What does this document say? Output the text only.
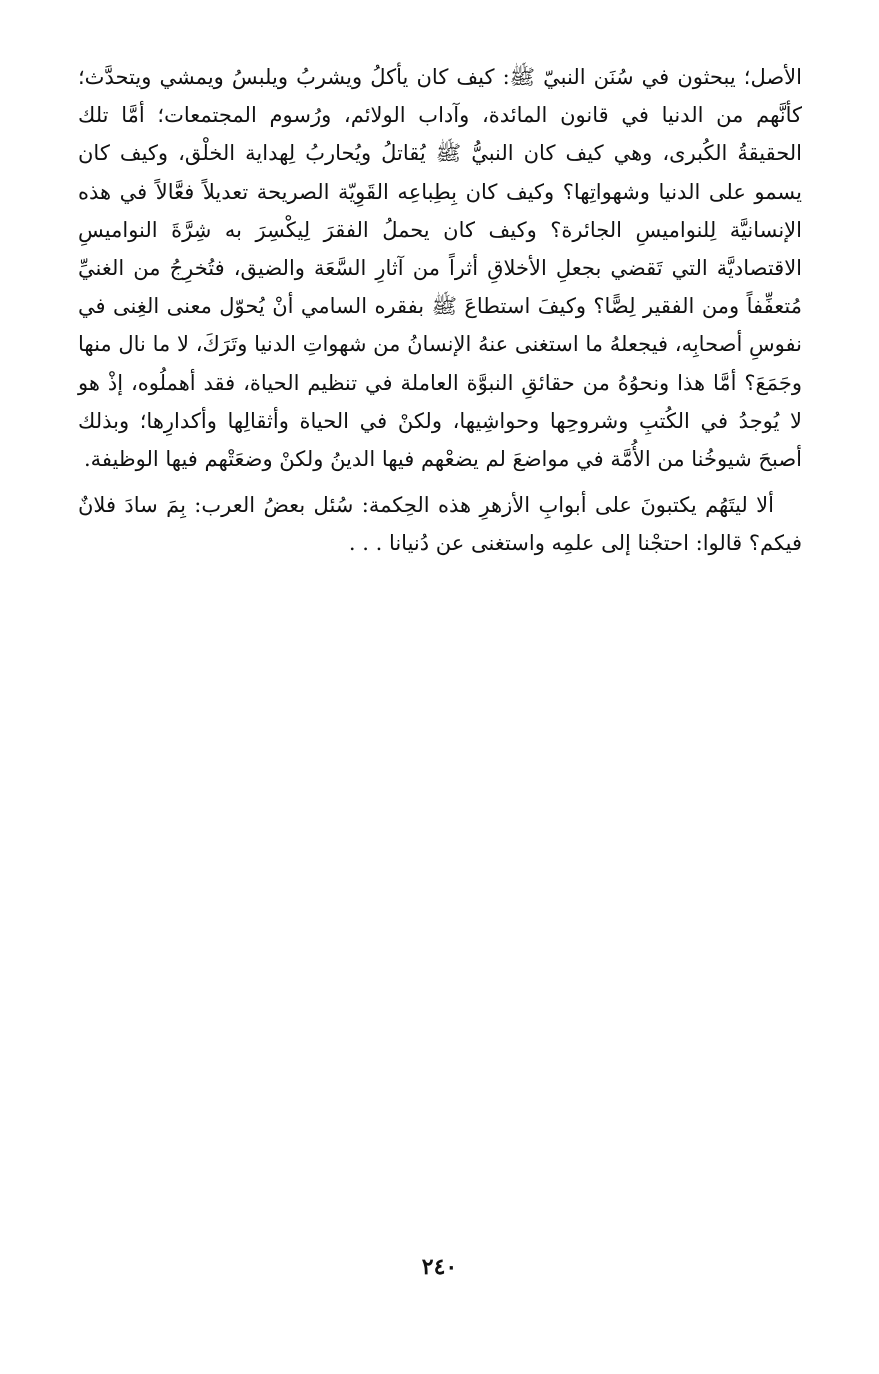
الأصل؛ يبحثون في سُنَن النبيّ ﷺ: كيف كان يأكلُ ويشربُ ويلبسُ ويمشي ويتحدَّث؛ كأنَّهم من الدنيا في قانون المائدة، وآداب الولائم، ورُسوم المجتمعات؛ أمَّا تلك الحقيقةُ الكُبرى، وهي كيف كان النبيُّ ﷺ يُقاتلُ ويُحاربُ لِهداية الخلْق، وكيف كان يسمو على الدنيا وشهواتِها؟ وكيف كان بِطِباعِه القَوِيّة الصريحة تعديلاً فعَّالاً في هذه الإنسانيَّة لِلنواميسِ الجائرة؟ وكيف كان يحملُ الفقرَ لِيكْسِرَ به شِرَّةَ النواميسِ الاقتصاديَّة التي تَقضي بجعلِ الأخلاقِ أثراً من آثارِ السَّعَة والضيق، فتُخرِجُ من الغنيِّ مُتعفِّفاً ومن الفقير لِصًّا؟ وكيفَ استطاعَ ﷺ بفقره السامي أنْ يُحوّل معنى الغِنى في نفوسِ أصحابِه، فيجعلهُ ما استغنى عنهُ الإنسانُ من شهواتِ الدنيا وتَرَكَ، لا ما نال منها وجَمَعَ؟ أمَّا هذا ونحوُهُ من حقائقِ النبوَّة العاملة في تنظيم الحياة، فقد أهملُوه، إذْ هو لا يُوجدُ في الكُتبِ وشروحِها وحواشِيها، ولكنْ في الحياة وأثقالِها وأكدارِها؛ وبذلك أصبحَ شيوخُنا من الأُمَّة في مواضعَ لم يضعْهم فيها الدينُ ولكنْ وضعَتْهم فيها الوظيفة.

ألا ليتَهُم يكتبونَ على أبوابِ الأزهرِ هذه الحِكمة: سُئل بعضُ العرب: بِمَ سادَ فلانٌ فيكم؟ قالوا: احتجْنا إلى علمِه واستغنى عن دُنيانا . . .

٢٤٠
